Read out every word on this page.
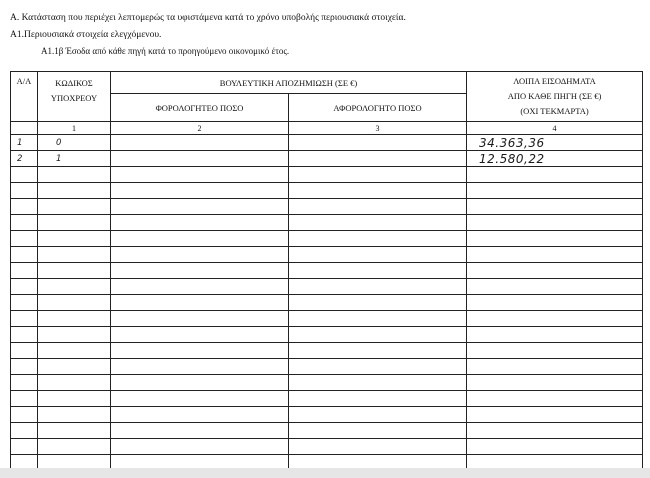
Α. Κατάσταση που περιέχει λεπτομερώς τα υφιστάμενα κατά το χρόνο υποβολής περιουσιακά στοιχεία.
Α1.Περιουσιακά στοιχεία ελεγχόμενου.
Α1.1β Έσοδα από κάθε πηγή κατά το προηγούμενο οικονομικό έτος.
Α/Α	ΚΩΔΙΚΟΣ
ΥΠΟΧΡΕΟΥ	ΒΟΥΛΕΥΤΙΚΗ ΑΠΟΖΗΜΙΩΣΗ (ΣΕ €)		ΛΟΙΠΑ ΕΙΣΟΔΗΜΑΤΑ
ΑΠΟ ΚΑΘΕ ΠΗΓΗ (ΣΕ €)
(ΟΧΙ ΤΕΚΜΑΡΤΑ)
		ΦΟΡΟΛΟΓΗΤΕΟ ΠΟΣΟ	ΑΦΟΡΟΛΟΓΗΤΟ ΠΟΣΟ	
	1	2	3	4
1	0			34.363,36
2	1			12.580,22
